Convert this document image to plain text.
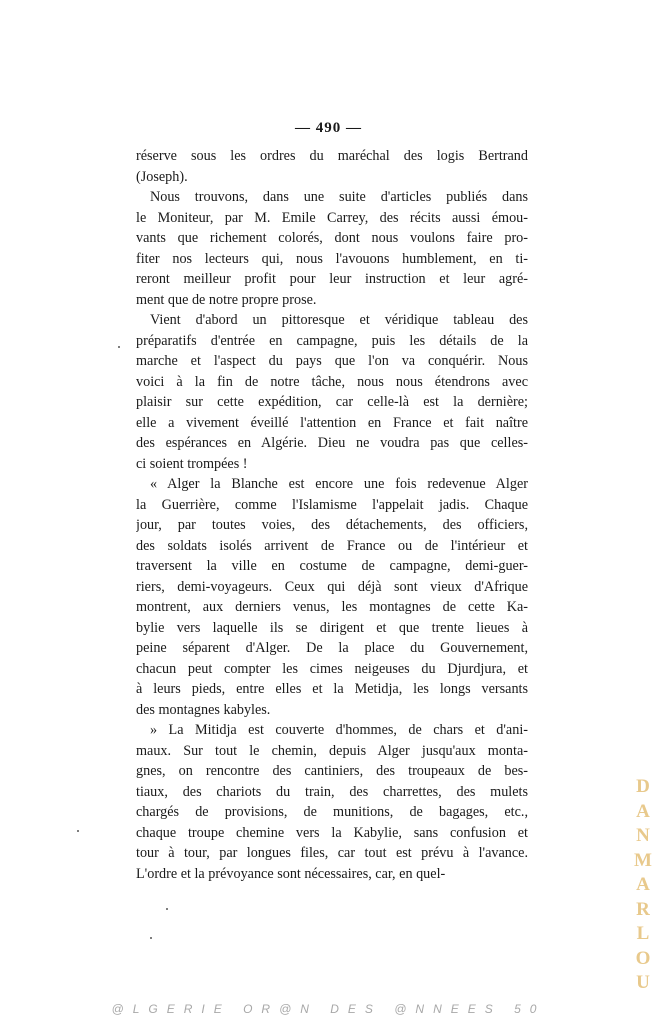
— 490 —
réserve sous les ordres du maréchal des logis Bertrand
(Joseph).
Nous trouvons, dans une suite d'articles publiés dans
le Moniteur, par M. Emile Carrey, des récits aussi émou-
vants que richement colorés, dont nous voulons faire pro-
fiter nos lecteurs qui, nous l'avouons humblement, en ti-
reront meilleur profit pour leur instruction et leur agré-
ment que de notre propre prose.
Vient d'abord un pittoresque et véridique tableau des
préparatifs d'entrée en campagne, puis les détails de la
marche et l'aspect du pays que l'on va conquérir. Nous
voici à la fin de notre tâche, nous nous étendrons avec
plaisir sur cette expédition, car celle-là est la dernière;
elle a vivement éveillé l'attention en France et fait naître
des espérances en Algérie. Dieu ne voudra pas que celles-
ci soient trompées !
« Alger la Blanche est encore une fois redevenue Alger
la Guerrière, comme l'Islamisme l'appelait jadis. Chaque
jour, par toutes voies, des détachements, des officiers,
des soldats isolés arrivent de France ou de l'intérieur et
traversent la ville en costume de campagne, demi-guer-
riers, demi-voyageurs. Ceux qui déjà sont vieux d'Afrique
montrent, aux derniers venus, les montagnes de cette Ka-
bylie vers laquelle ils se dirigent et que trente lieues à
peine séparent d'Alger. De la place du Gouvernement,
chacun peut compter les cimes neigeuses du Djurdjura, et
à leurs pieds, entre elles et la Metidja, les longs versants
des montagnes kabyles.
» La Mitidja est couverte d'hommes, de chars et d'ani-
maux. Sur tout le chemin, depuis Alger jusqu'aux monta-
gnes, on rencontre des cantiniers, des troupeaux de bes-
tiaux, des chariots du train, des charrettes, des mulets
chargés de provisions, de munitions, de bagages, etc.,
chaque troupe chemine vers la Kabylie, sans confusion et
tour à tour, par longues files, car tout est prévu à l'avance.
L'ordre et la prévoyance sont nécessaires, car, en quel-
D
A
N
M
A
R
L
O
U
@LGERIE OR@N DES @NNEES 50
